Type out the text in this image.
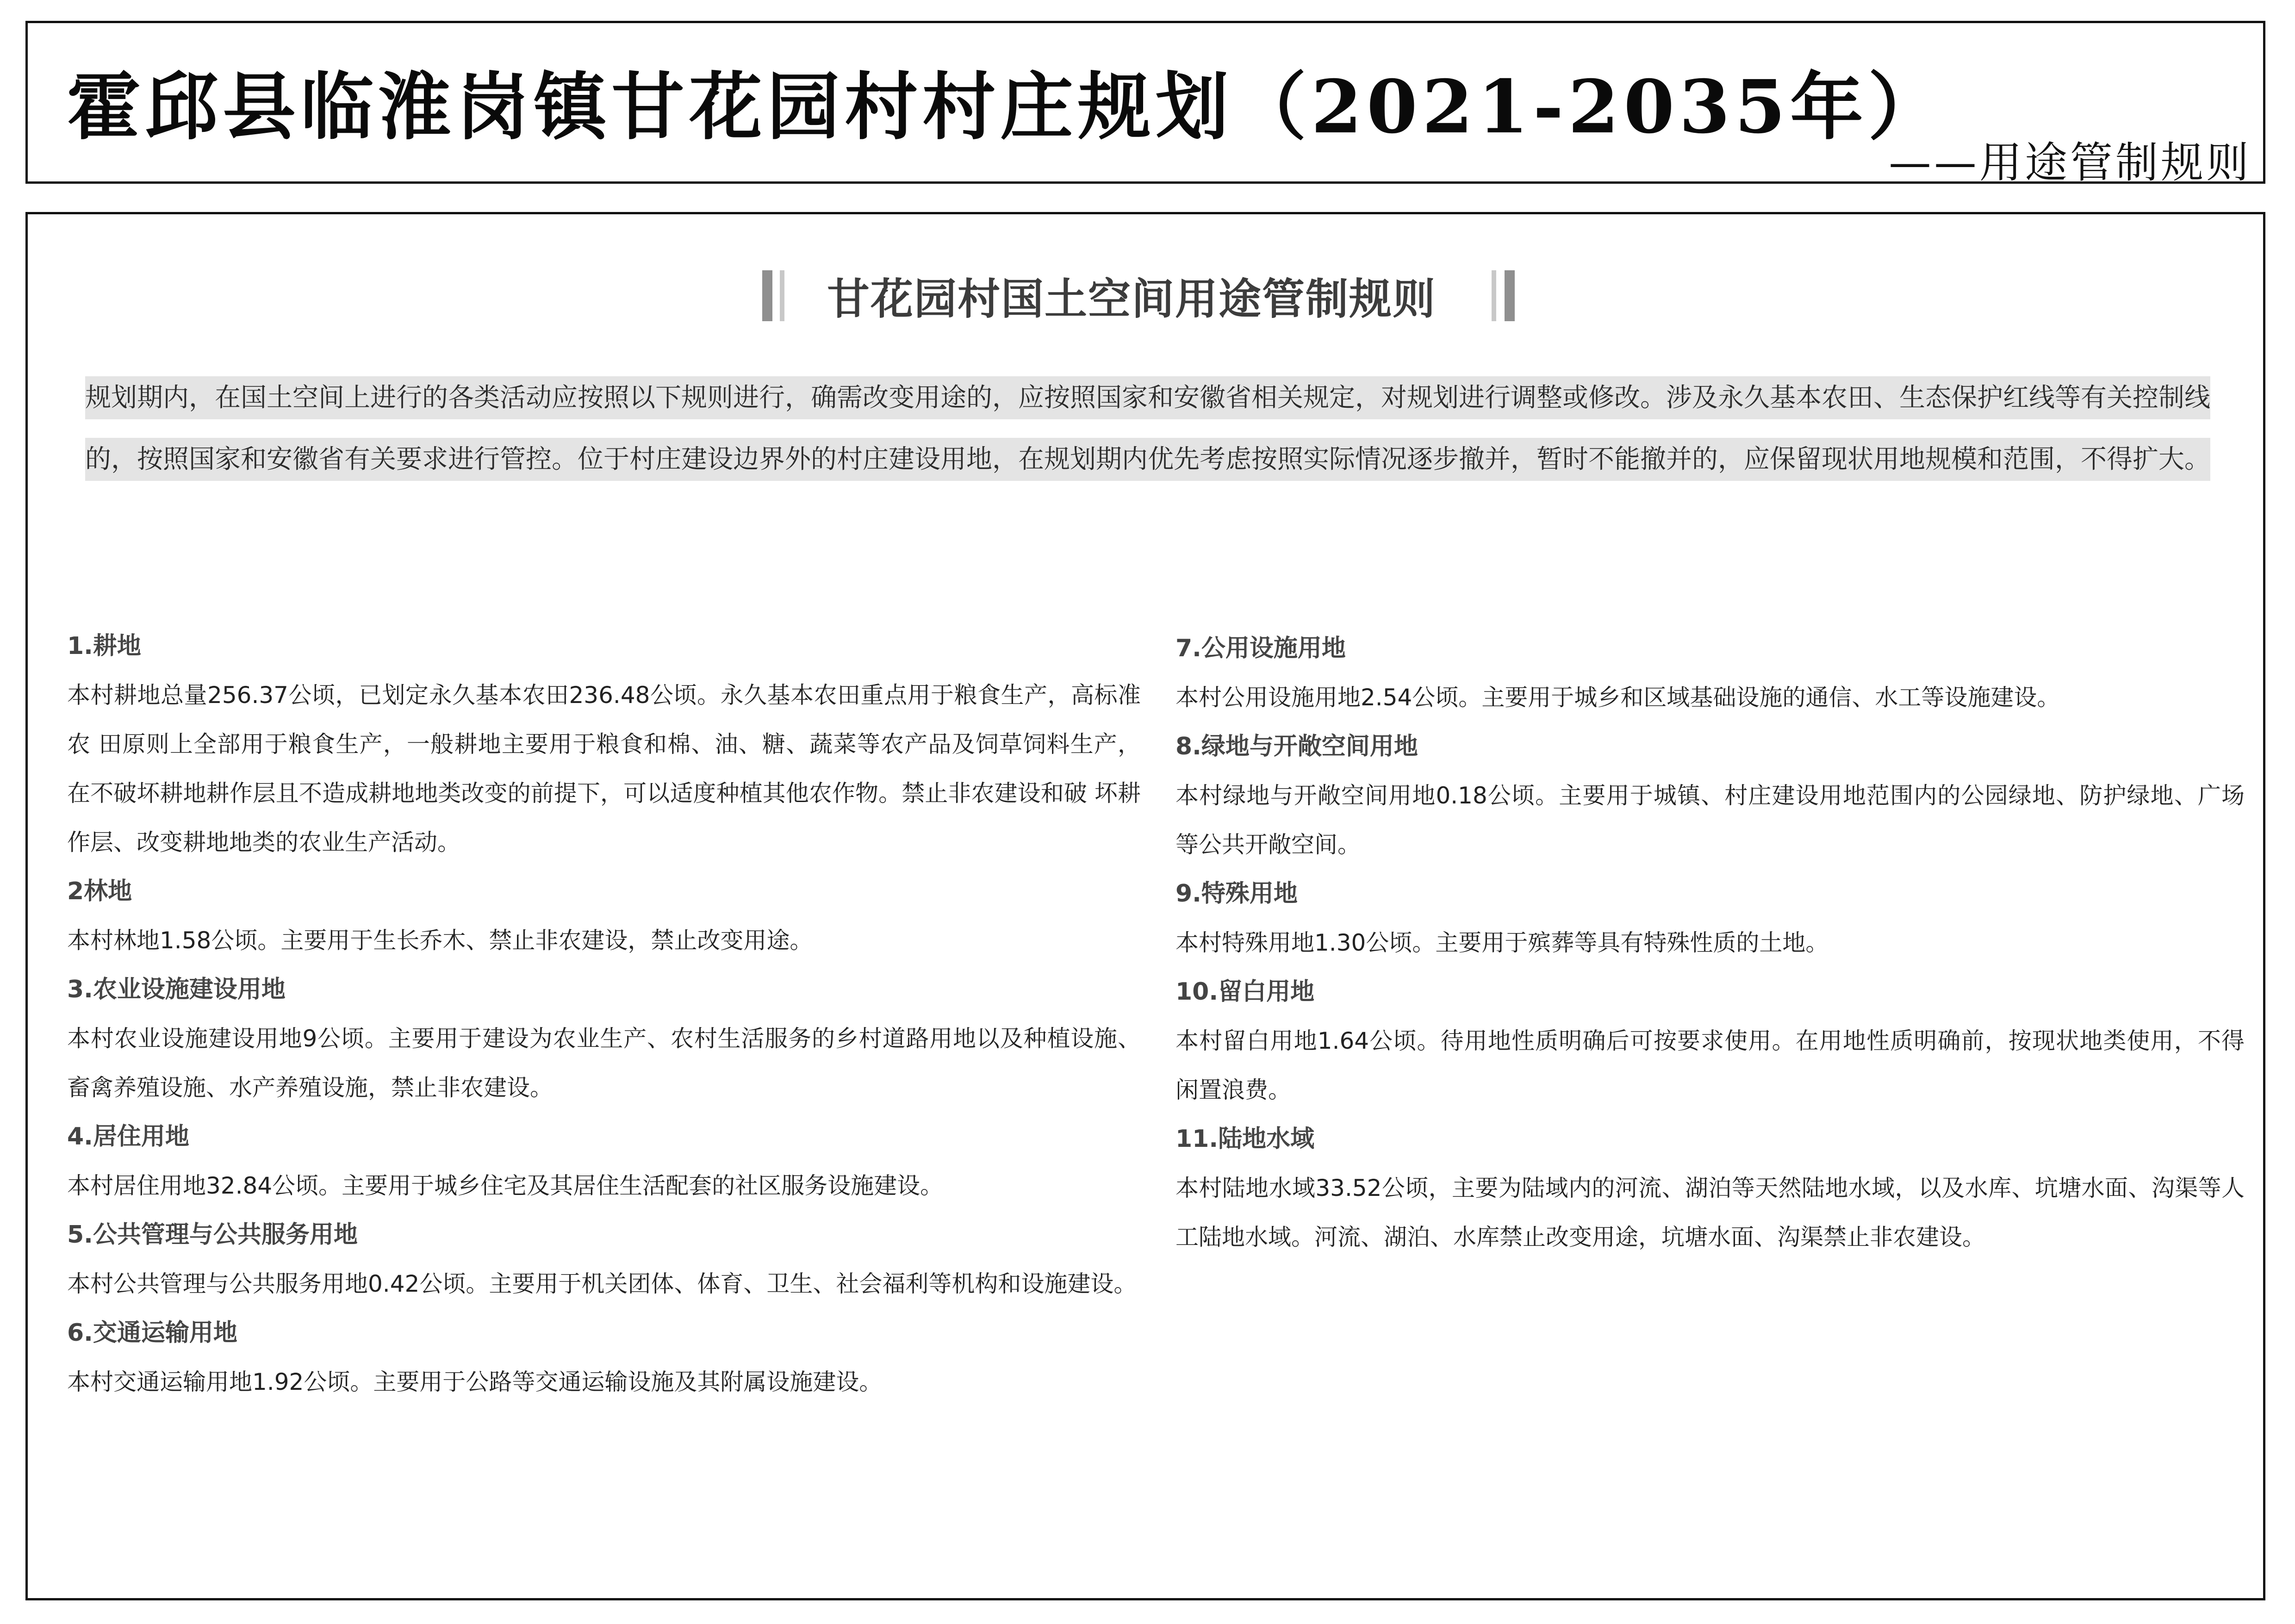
霍邱县临淮岗镇甘花园村村庄规划（2021-2035年）
——用途管制规则
甘花园村国土空间用途管制规则
规划期内，在国土空间上进行的各类活动应按照以下规则进行，确需改变用途的，应按照国家和安徽省相关规定，对规划进行调整或修改。涉及永久基本农田、生态保护红线等有关控制线的，按照国家和安徽省有关要求进行管控。位于村庄建设边界外的村庄建设用地，在规划期内优先考虑按照实际情况逐步撤并，暂时不能撤并的，应保留现状用地规模和范围，不得扩大。
1.耕地

本村耕地总量256.37公顷，已划定永久基本农田236.48公顷。永久基本农田重点用于粮食生产，高标准农 田原则上全部用于粮食生产，一般耕地主要用于粮食和棉、油、糖、蔬菜等农产品及饲草饲料生产， 在不破坏耕地耕作层且不造成耕地地类改变的前提下，可以适度种植其他农作物。禁止非农建设和破 坏耕作层、改变耕地地类的农业生产活动。

2林地

本村林地1.58公顷。主要用于生长乔木、禁止非农建设，禁止改变用途。

3.农业设施建设用地

本村农业设施建设用地9公顷。主要用于建设为农业生产、农村生活服务的乡村道路用地以及种植设施、畜禽养殖设施、水产养殖设施，禁止非农建设。

4.居住用地

本村居住用地32.84公顷。主要用于城乡住宅及其居住生活配套的社区服务设施建设。

5.公共管理与公共服务用地

本村公共管理与公共服务用地0.42公顷。主要用于机关团体、体育、卫生、社会福利等机构和设施建设。

6.交通运输用地

本村交通运输用地1.92公顷。主要用于公路等交通运输设施及其附属设施建设。

7.公用设施用地

本村公用设施用地2.54公顷。主要用于城乡和区域基础设施的通信、水工等设施建设。

8.绿地与开敞空间用地

本村绿地与开敞空间用地0.18公顷。主要用于城镇、村庄建设用地范围内的公园绿地、防护绿地、广场等公共开敞空间。

9.特殊用地

本村特殊用地1.30公顷。主要用于殡葬等具有特殊性质的土地。

10.留白用地

本村留白用地1.64公顷。待用地性质明确后可按要求使用。在用地性质明确前，按现状地类使用，不得闲置浪费。

11.陆地水域

本村陆地水域33.52公顷，主要为陆域内的河流、湖泊等天然陆地水域，以及水库、坑塘水面、沟渠等人工陆地水域。河流、湖泊、水库禁止改变用途，坑塘水面、沟渠禁止非农建设。
